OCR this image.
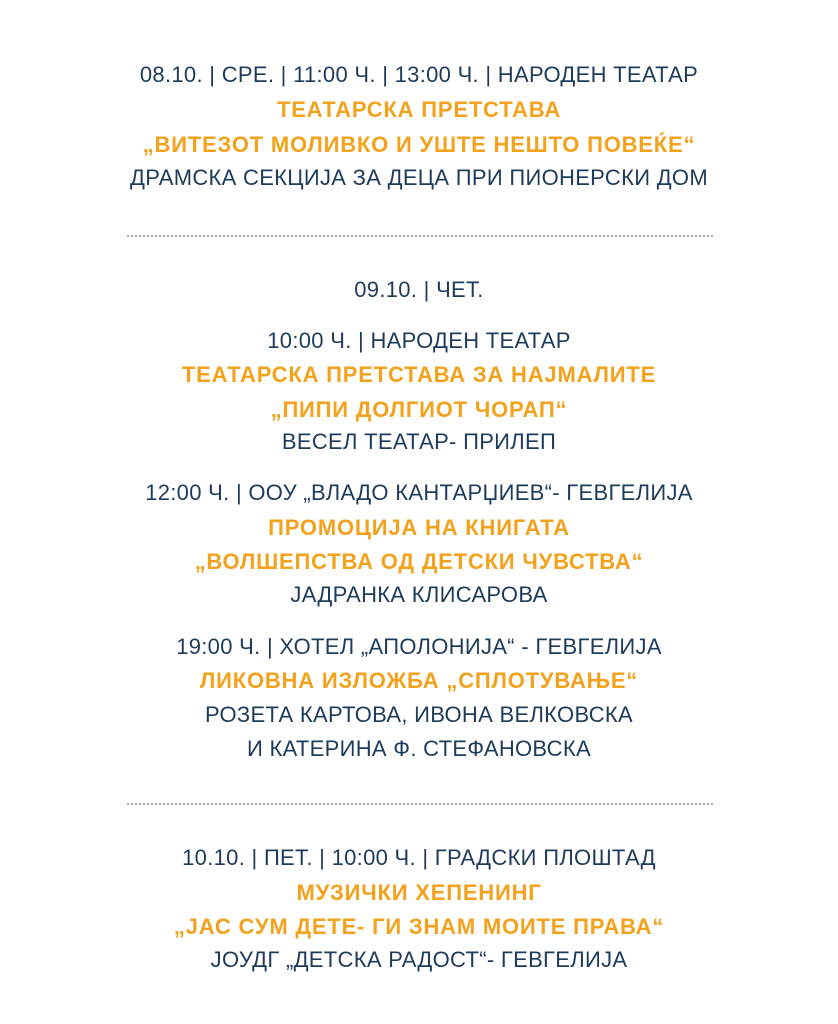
08.10. | СРЕ. | 11:00 Ч. | 13:00 Ч. | НАРОДЕН ТЕАТАР
ТЕАТАРСКА ПРЕТСТАВА
„ВИТЕЗОТ МОЛИВКО И УШТЕ НЕШТО ПОВЕЌЕ“
ДРАМСКА СЕКЦИЈА ЗА ДЕЦА ПРИ ПИОНЕРСКИ ДОМ
09.10. | ЧЕТ.
10:00 Ч. | НАРОДЕН ТЕАТАР
ТЕАТАРСКА ПРЕТСТАВА ЗА НАЈМАЛИТЕ
„ПИПИ ДОЛГИОТ ЧОРАП“
ВЕСЕЛ ТЕАТАР- ПРИЛЕП
12:00 Ч. | ООУ „ВЛАДО КАНТАРЏИЕВ“- ГЕВГЕЛИЈА
ПРОМОЦИЈА НА КНИГАТА
„ВОЛШЕПСТВА ОД ДЕТСКИ ЧУВСТВА“
ЈАДРАНКА КЛИСАРОВА
19:00 Ч. | ХОТЕЛ „АПОЛОНИЈА“ - ГЕВГЕЛИЈА
ЛИКОВНА ИЗЛОЖБА „СПЛОТУВАЊЕ“
РОЗЕТА КАРТОВА, ИВОНА ВЕЛКОВСКА
И КАТЕРИНА Ф. СТЕФАНОВСКА
10.10. | ПЕТ. | 10:00 Ч. | ГРАДСКИ ПЛОШТАД
МУЗИЧКИ ХЕПЕНИНГ
„ЈАС СУМ ДЕТЕ- ГИ ЗНАМ МОИТЕ ПРАВА“
ЈОУДГ „ДЕТСКА РАДОСТ“- ГЕВГЕЛИЈА
